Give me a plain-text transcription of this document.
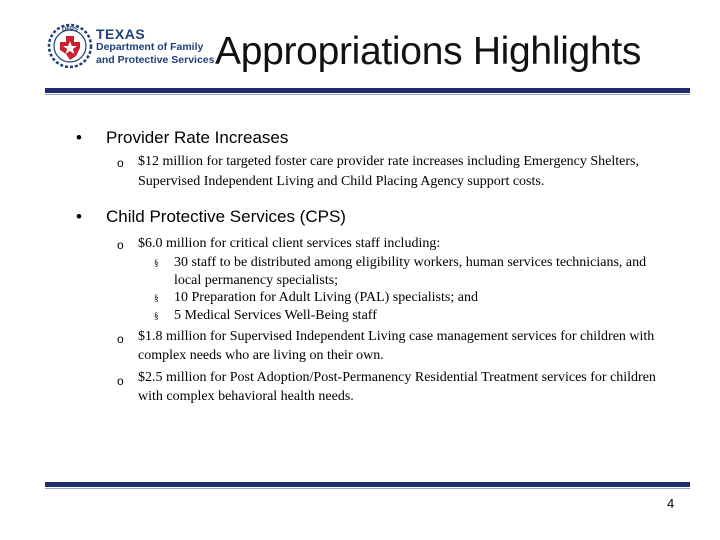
DFPS TEXAS
Department of Family
and Protective Services Appropriations Highlights
• Provider Rate Increases
o $12 million for targeted foster care provider rate increases including Emergency Shelters, Supervised Independent Living and Child Placing Agency support costs.
• Child Protective Services (CPS)
o $6.0 million for critical client services staff including:
§ 30 staff to be distributed among eligibility workers, human services technicians, and local permanency specialists;
§ 10 Preparation for Adult Living (PAL) specialists; and
§ 5 Medical Services Well-Being staff
o $1.8 million for Supervised Independent Living case management services for children with complex needs who are living on their own.
o $2.5 million for Post Adoption/Post-Permanency Residential Treatment services for children with complex behavioral health needs.
4
